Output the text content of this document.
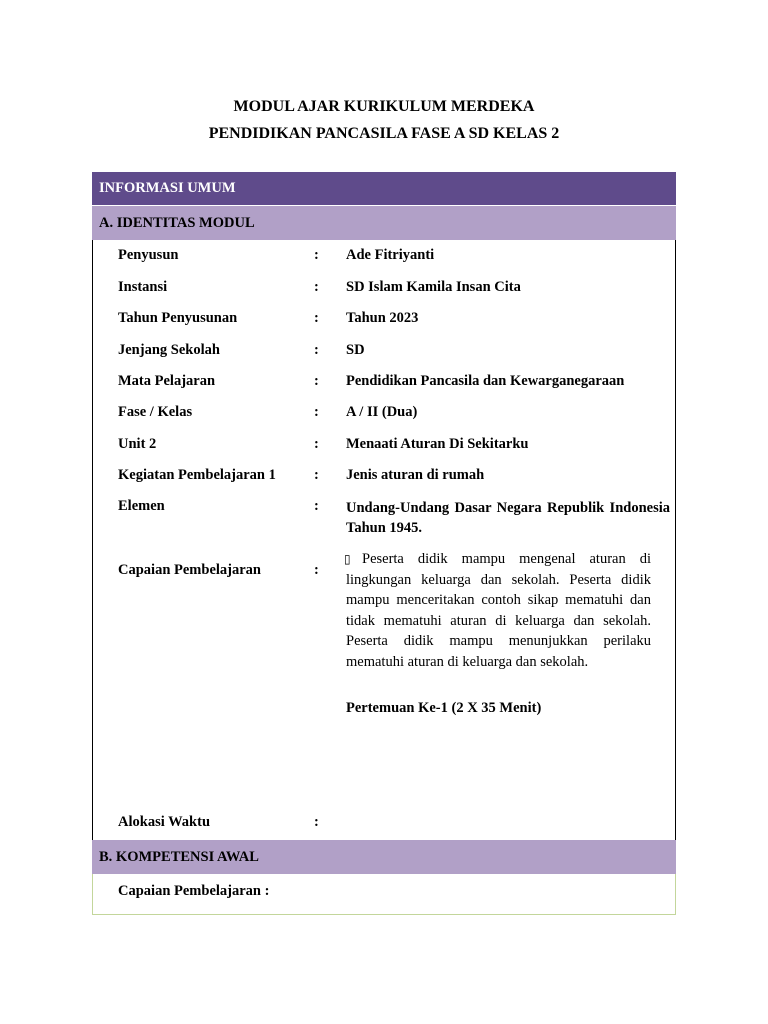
MODUL AJAR KURIKULUM MERDEKA
PENDIDIKAN PANCASILA FASE A SD KELAS 2
INFORMASI UMUM
A. IDENTITAS MODUL
Penyusun	: Ade Fitriyanti
Instansi	: SD Islam Kamila Insan Cita
Tahun Penyusunan	: Tahun 2023
Jenjang Sekolah	: SD
Mata Pelajaran	: Pendidikan Pancasila dan Kewarganegaraan
Fase / Kelas	: A / II (Dua)
Unit 2	: Menaati Aturan Di Sekitarku
Kegiatan Pembelajaran 1	: Jenis aturan di rumah
Elemen	: Undang-Undang Dasar Negara Republik Indonesia Tahun 1945.
Capaian Pembelajaran	:
▯ Peserta didik mampu mengenal aturan di lingkungan keluarga dan sekolah. Peserta didik mampu menceritakan contoh sikap mematuhi dan tidak mematuhi aturan di keluarga dan sekolah. Peserta didik mampu menunjukkan perilaku mematuhi aturan di keluarga dan sekolah.
Pertemuan Ke-1 (2 X 35 Menit)
Alokasi Waktu	:
B. KOMPETENSI AWAL
Capaian Pembelajaran :
